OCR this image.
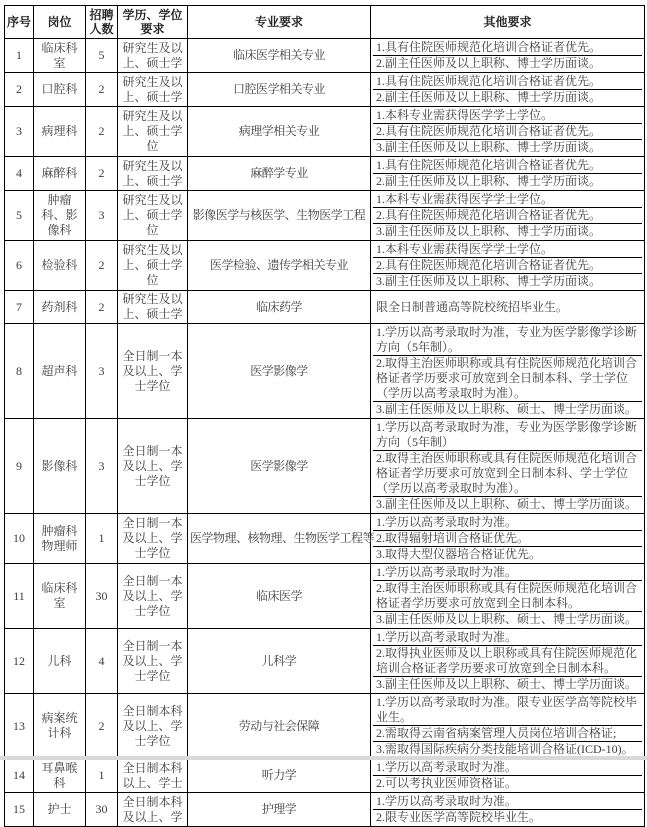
序号	岗位	招聘人数	学历、学位要求	专业要求	其他要求
1	临床科室	5	研究生及以上、硕士学	临床医学相关专业	1.具有住院医师规范化培训合格证者优先。
2.副主任医师及以上职称、博士学历面谈。

2	口腔科	2	研究生及以上、硕士学	口腔医学相关专业	1.具有住院医师规范化培训合格证者优先。
2.副主任医师及以上职称、博士学历面谈。

3	病理科	2	研究生及以上、硕士学位	病理学相关专业	1.本科专业需获得医学学士学位。
2.具有住院医师规范化培训合格证者优先。
3.副主任医师及以上职称、博士学历面谈。

4	麻醉科	2	研究生及以上、硕士学	麻醉学专业	1.具有住院医师规范化培训合格证者优先。
2.副主任医师及以上职称、博士学历面谈。

5	肿瘤科、影像科	3	研究生及以上、硕士学位	影像医学与核医学、生物医学工程	1.本科专业需获得医学学士学位。
2.具有住院医师规范化培训合格证者优先。
3.副主任医师及以上职称、博士学历面谈。

6	检验科	2	研究生及以上、硕士学位	医学检验、遗传学相关专业	1.本科专业需获得医学学士学位。
2.具有住院医师规范化培训合格证者优先。
3.副主任医师及以上职称、博士学历面谈。

7	药剂科	2	研究生及以上、硕士学	临床药学	限全日制普通高等院校统招毕业生。

8	超声科	3	全日制一本及以上、学士学位	医学影像学	1.学历以高考录取时为准，专业为医学影像学诊断方向（5年制）。
2.取得主治医师职称或具有住院医师规范化培训合格证者学历要求可放宽到全日制本科、学士学位（学历以高考录取时为准）。
3.副主任医师及以上职称、硕士、博士学历面谈。

9	影像科	3	全日制一本及以上、学士学位	医学影像学	1.学历以高考录取时为准，专业为医学影像学诊断方向（5年制）
2.取得主治医师职称或具有住院医师规范化培训合格证者学历要求可放宽到全日制本科、学士学位（学历以高考录取时为准）。
3.副主任医师及以上职称、硕士、博士学历面谈。

10	肿瘤科物理师	1	全日制一本及以上、学士学位	医学物理、核物理、生物医学工程等	1.学历以高考录取时为准。
2.取得辐射培训合格证优先。
3.取得大型仪器培合格证优先。

11	临床科室	30	全日制一本及以上、学士学位	临床医学	1.学历以高考录取时为准。
2.取得主治医师职称或具有住院医师规范化培训合格证者学历要求可放宽到全日制本科。
3.副主任医师及以上职称、硕士、博士学历面谈。

12	儿科	4	全日制一本及以上、学士学位	儿科学	1.学历以高考录取时为准。
2.取得执业医师及以上职称或具有住院医师规范化培训合格证者学历要求可放宽到全日制本科。
3.副主任医师及以上职称、硕士、博士学历面谈。

13	病案统计科	2	全日制本科及以上、学士学位	劳动与社会保障	1.学历以高考录取时为准。限专业医学高等院校毕业生。
2.需取得云南省病案管理人员岗位培训合格证;
3.需取得国际疾病分类技能培训合格证(ICD-10)。

14	耳鼻喉科	1	全日制本科以上、学士	听力学	1.学历以高考录取时为准。
2.可以考执业医师资格证。

15	护士	30	全日制本科及以上、学	护理学	1.学历以高考录取时为准。
2.限专业医学高等院校毕业生。
